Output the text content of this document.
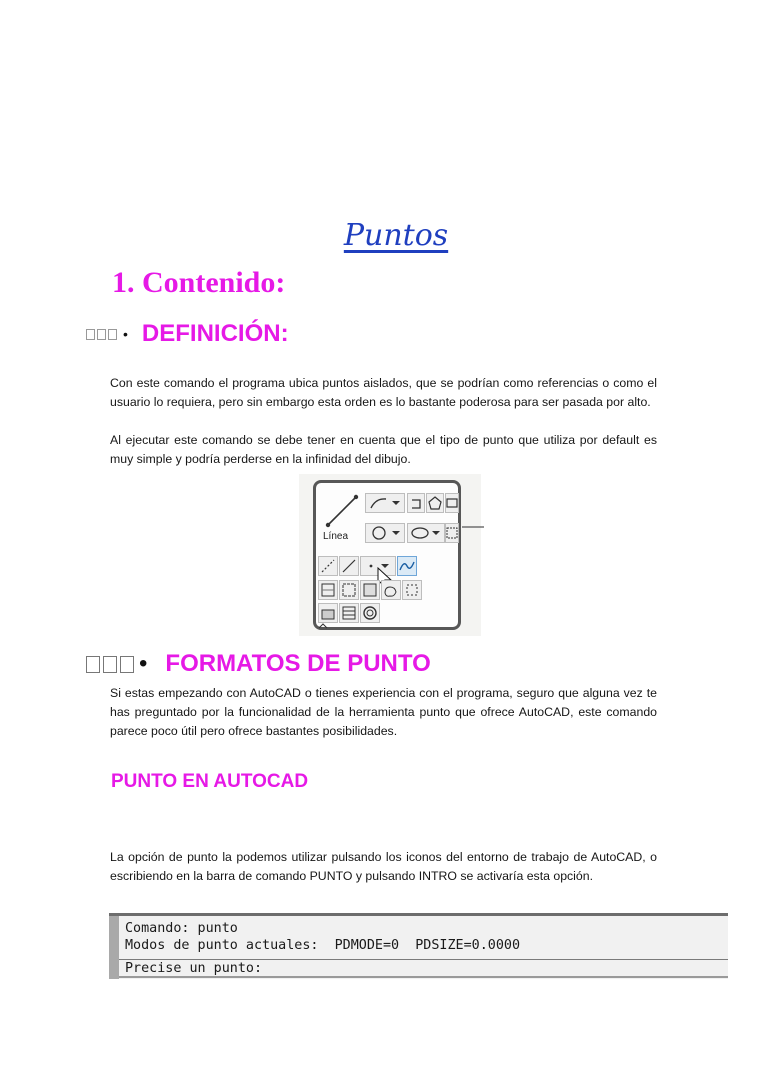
Puntos
1. Contenido:
• DEFINICIÓN:
Con este comando el programa ubica puntos aislados, que se podrían como referencias o como el usuario lo requiera, pero sin embargo esta orden es lo bastante poderosa para ser pasada por alto.
Al ejecutar este comando se debe tener en cuenta que el tipo de punto que utiliza por default es muy simple y podría perderse en la infinidad del dibujo.
Línea
• FORMATOS DE PUNTO
Si estas empezando con AutoCAD o tienes experiencia con el programa, seguro que alguna vez te has preguntado por la funcionalidad de la herramienta punto que ofrece AutoCAD, este comando parece poco útil pero ofrece bastantes posibilidades.
PUNTO EN AUTOCAD
La opción de punto la podemos utilizar pulsando los iconos del entorno de trabajo de AutoCAD, o escribiendo en la barra de comando PUNTO y pulsando INTRO se activaría esta opción.
Comando: punto
Modos de punto actuales:  PDMODE=0  PDSIZE=0.0000
Precise un punto:
